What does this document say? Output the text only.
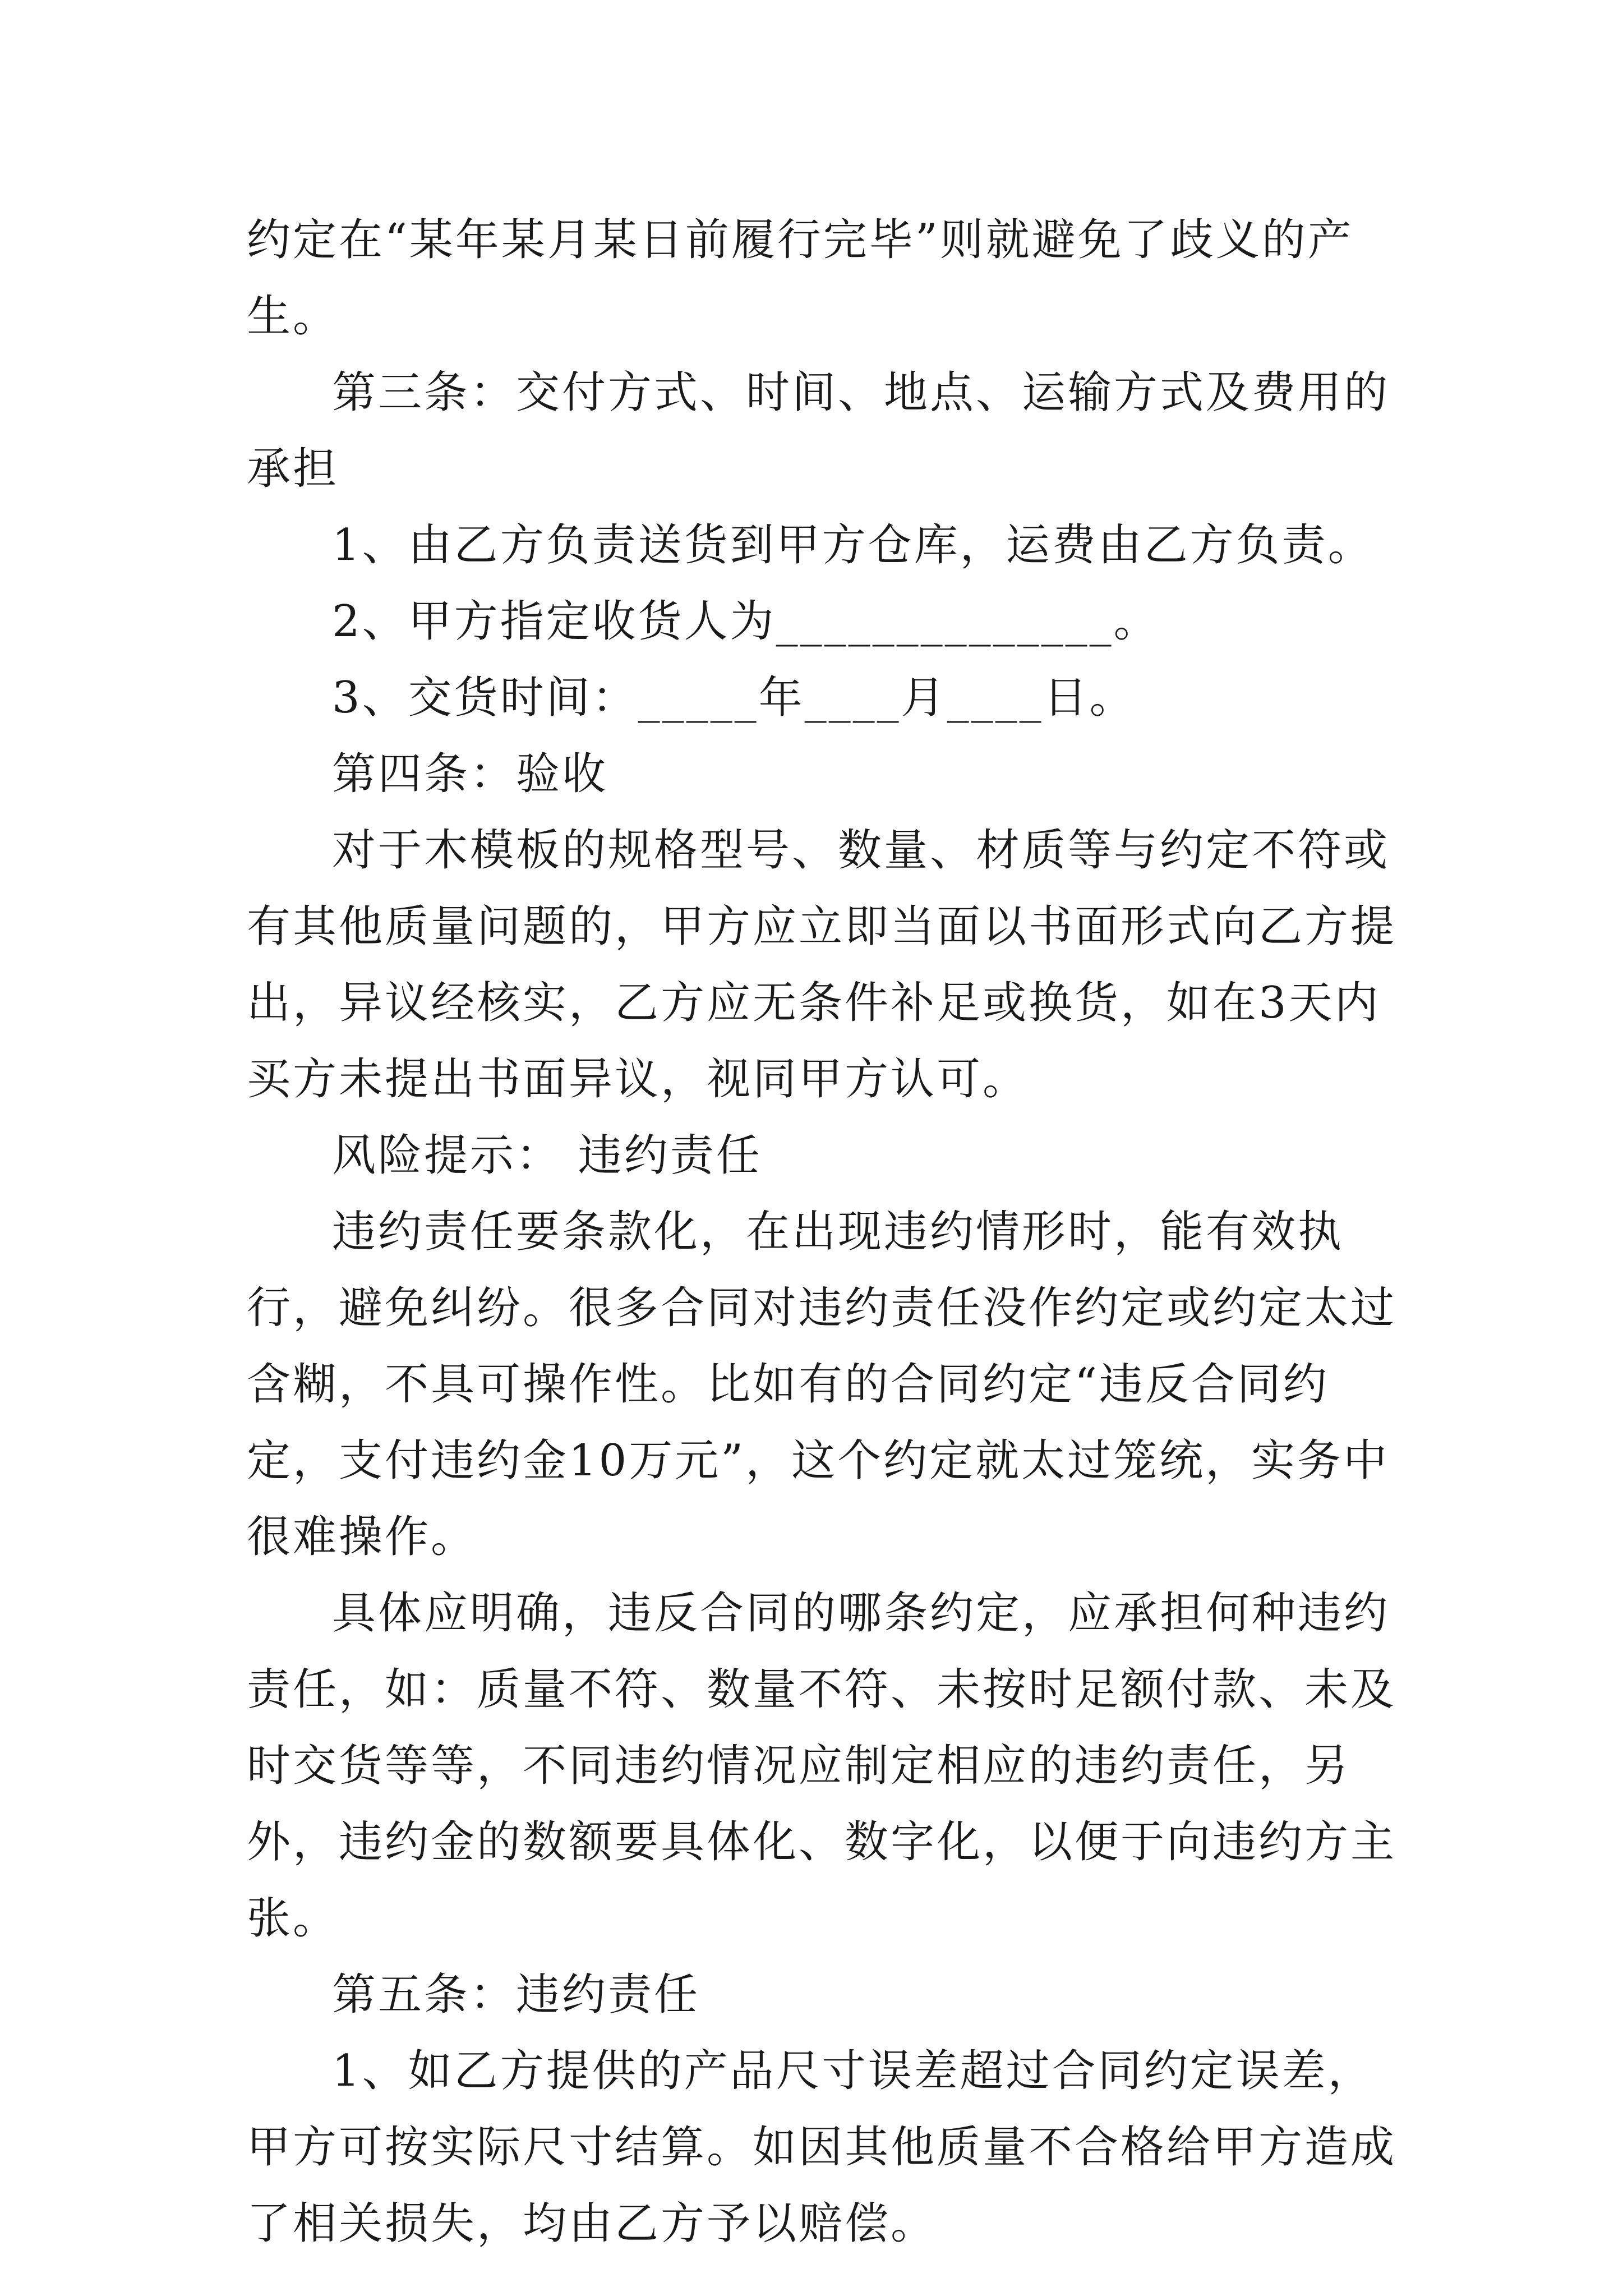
约定在“某年某月某日前履行完毕”则就避免了歧义的产生。

第三条：交付方式、时间、地点、运输方式及费用的承担

1、由乙方负责送货到甲方仓库，运费由乙方负责。

2、甲方指定收货人为______________。

3、交货时间：_____年____月____日。

第四条：验收

对于木模板的规格型号、数量、材质等与约定不符或有其他质量问题的，甲方应立即当面以书面形式向乙方提出，异议经核实，乙方应无条件补足或换货，如在3天内买方未提出书面异议，视同甲方认可。

风险提示： 违约责任

违约责任要条款化，在出现违约情形时，能有效执行，避免纠纷。很多合同对违约责任没作约定或约定太过含糊，不具可操作性。比如有的合同约定“违反合同约定，支付违约金10万元”，这个约定就太过笼统，实务中很难操作。

具体应明确，违反合同的哪条约定，应承担何种违约责任，如：质量不符、数量不符、未按时足额付款、未及时交货等等，不同违约情况应制定相应的违约责任，另外，违约金的数额要具体化、数字化，以便于向违约方主张。

第五条：违约责任

1、如乙方提供的产品尺寸误差超过合同约定误差，甲方可按实际尺寸结算。如因其他质量不合格给甲方造成了相关损失，均由乙方予以赔偿。
